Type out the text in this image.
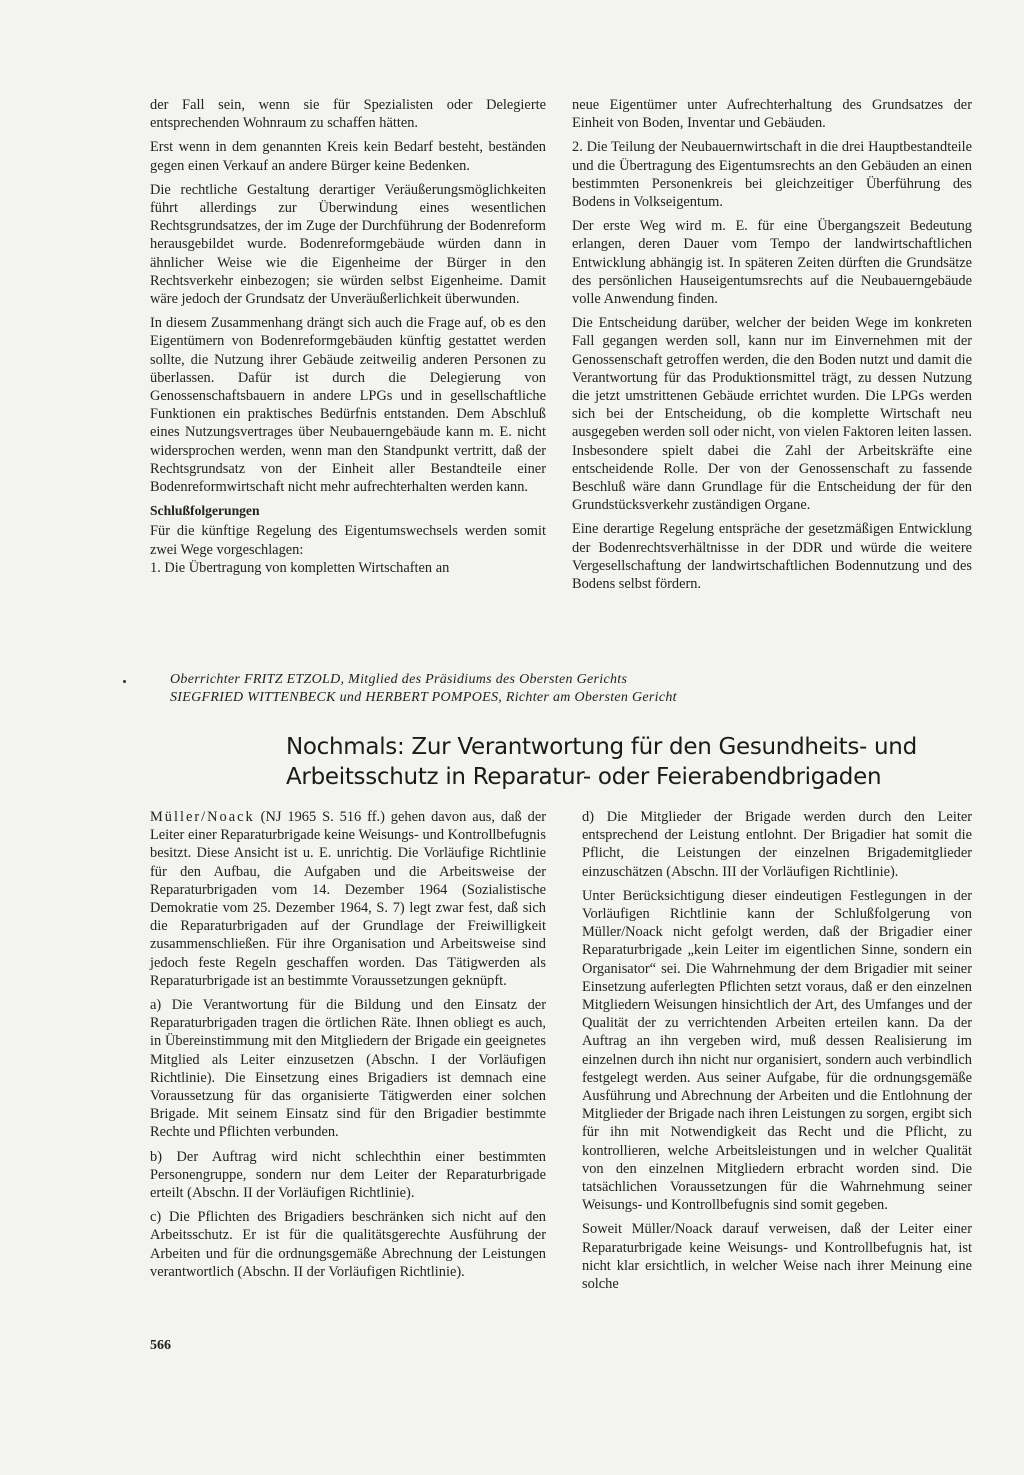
der Fall sein, wenn sie für Spezialisten oder Delegierte entsprechenden Wohnraum zu schaffen hätten.

Erst wenn in dem genannten Kreis kein Bedarf besteht, beständen gegen einen Verkauf an andere Bürger keine Bedenken.

Die rechtliche Gestaltung derartiger Veräußerungsmöglichkeiten führt allerdings zur Überwindung eines wesentlichen Rechtsgrundsatzes, der im Zuge der Durchführung der Bodenreform herausgebildet wurde. Bodenreformgebäude würden dann in ähnlicher Weise wie die Eigenheime der Bürger in den Rechtsverkehr einbezogen; sie würden selbst Eigenheime. Damit wäre jedoch der Grundsatz der Unveräußerlichkeit überwunden.

In diesem Zusammenhang drängt sich auch die Frage auf, ob es den Eigentümern von Bodenreformgebäuden künftig gestattet werden sollte, die Nutzung ihrer Gebäude zeitweilig anderen Personen zu überlassen. Dafür ist durch die Delegierung von Genossenschaftsbauern in andere LPGs und in gesellschaftliche Funktionen ein praktisches Bedürfnis entstanden. Dem Abschluß eines Nutzungsvertrages über Neubauerngebäude kann m. E. nicht widersprochen werden, wenn man den Standpunkt vertritt, daß der Rechtsgrundsatz von der Einheit aller Bestandteile einer Bodenreformwirtschaft nicht mehr aufrechterhalten werden kann.

Schlußfolgerungen

Für die künftige Regelung des Eigentumswechsels werden somit zwei Wege vorgeschlagen:

1. Die Übertragung von kompletten Wirtschaften an

neue Eigentümer unter Aufrechterhaltung des Grundsatzes der Einheit von Boden, Inventar und Gebäuden.

2. Die Teilung der Neubauernwirtschaft in die drei Hauptbestandteile und die Übertragung des Eigentumsrechts an den Gebäuden an einen bestimmten Personenkreis bei gleichzeitiger Überführung des Bodens in Volkseigentum.

Der erste Weg wird m. E. für eine Übergangszeit Bedeutung erlangen, deren Dauer vom Tempo der landwirtschaftlichen Entwicklung abhängig ist. In späteren Zeiten dürften die Grundsätze des persönlichen Hauseigentumsrechts auf die Neubauerngebäude volle Anwendung finden.

Die Entscheidung darüber, welcher der beiden Wege im konkreten Fall gegangen werden soll, kann nur im Einvernehmen mit der Genossenschaft getroffen werden, die den Boden nutzt und damit die Verantwortung für das Produktionsmittel trägt, zu dessen Nutzung die jetzt umstrittenen Gebäude errichtet wurden. Die LPGs werden sich bei der Entscheidung, ob die komplette Wirtschaft neu ausgegeben werden soll oder nicht, von vielen Faktoren leiten lassen. Insbesondere spielt dabei die Zahl der Arbeitskräfte eine entscheidende Rolle. Der von der Genossenschaft zu fassende Beschluß wäre dann Grundlage für die Entscheidung der für den Grundstücksverkehr zuständigen Organe.

Eine derartige Regelung entspräche der gesetzmäßigen Entwicklung der Bodenrechtsverhältnisse in der DDR und würde die weitere Vergesellschaftung der landwirtschaftlichen Bodennutzung und des Bodens selbst fördern.

Oberrichter FRITZ ETZOLD, Mitglied des Präsidiums des Obersten Gerichts
SIEGFRIED WITTENBECK und HERBERT POMPOES, Richter am Obersten Gericht
Nochmals: Zur Verantwortung für den Gesundheits- und
Arbeitsschutz in Reparatur- oder Feierabendbrigaden

Müller/Noack (NJ 1965 S. 516 ff.) gehen davon aus, daß der Leiter einer Reparaturbrigade keine Weisungs- und Kontrollbefugnis besitzt. Diese Ansicht ist u. E. unrichtig. Die Vorläufige Richtlinie für den Aufbau, die Aufgaben und die Arbeitsweise der Reparaturbrigaden vom 14. Dezember 1964 (Sozialistische Demokratie vom 25. Dezember 1964, S. 7) legt zwar fest, daß sich die Reparaturbrigaden auf der Grundlage der Freiwilligkeit zusammenschließen. Für ihre Organisation und Arbeitsweise sind jedoch feste Regeln geschaffen worden. Das Tätigwerden als Reparaturbrigade ist an bestimmte Voraussetzungen geknüpft.

a) Die Verantwortung für die Bildung und den Einsatz der Reparaturbrigaden tragen die örtlichen Räte. Ihnen obliegt es auch, in Übereinstimmung mit den Mitgliedern der Brigade ein geeignetes Mitglied als Leiter einzusetzen (Abschn. I der Vorläufigen Richtlinie). Die Einsetzung eines Brigadiers ist demnach eine Voraussetzung für das organisierte Tätigwerden einer solchen Brigade. Mit seinem Einsatz sind für den Brigadier bestimmte Rechte und Pflichten verbunden.

b) Der Auftrag wird nicht schlechthin einer bestimmten Personengruppe, sondern nur dem Leiter der Reparaturbrigade erteilt (Abschn. II der Vorläufigen Richtlinie).

c) Die Pflichten des Brigadiers beschränken sich nicht auf den Arbeitsschutz. Er ist für die qualitätsgerechte Ausführung der Arbeiten und für die ordnungsgemäße Abrechnung der Leistungen verantwortlich (Abschn. II der Vorläufigen Richtlinie).

d) Die Mitglieder der Brigade werden durch den Leiter entsprechend der Leistung entlohnt. Der Brigadier hat somit die Pflicht, die Leistungen der einzelnen Brigademitglieder einzuschätzen (Abschn. III der Vorläufigen Richtlinie).

Unter Berücksichtigung dieser eindeutigen Festlegungen in der Vorläufigen Richtlinie kann der Schlußfolgerung von Müller/Noack nicht gefolgt werden, daß der Brigadier einer Reparaturbrigade „kein Leiter im eigentlichen Sinne, sondern ein Organisator“ sei. Die Wahrnehmung der dem Brigadier mit seiner Einsetzung auferlegten Pflichten setzt voraus, daß er den einzelnen Mitgliedern Weisungen hinsichtlich der Art, des Umfanges und der Qualität der zu verrichtenden Arbeiten erteilen kann. Da der Auftrag an ihn vergeben wird, muß dessen Realisierung im einzelnen durch ihn nicht nur organisiert, sondern auch verbindlich festgelegt werden. Aus seiner Aufgabe, für die ordnungsgemäße Ausführung und Abrechnung der Arbeiten und die Entlohnung der Mitglieder der Brigade nach ihren Leistungen zu sorgen, ergibt sich für ihn mit Notwendigkeit das Recht und die Pflicht, zu kontrollieren, welche Arbeitsleistungen und in welcher Qualität von den einzelnen Mitgliedern erbracht worden sind. Die tatsächlichen Voraussetzungen für die Wahrnehmung seiner Weisungs- und Kontrollbefugnis sind somit gegeben.

Soweit Müller/Noack darauf verweisen, daß der Leiter einer Reparaturbrigade keine Weisungs- und Kontrollbefugnis hat, ist nicht klar ersichtlich, in welcher Weise nach ihrer Meinung eine solche

566
